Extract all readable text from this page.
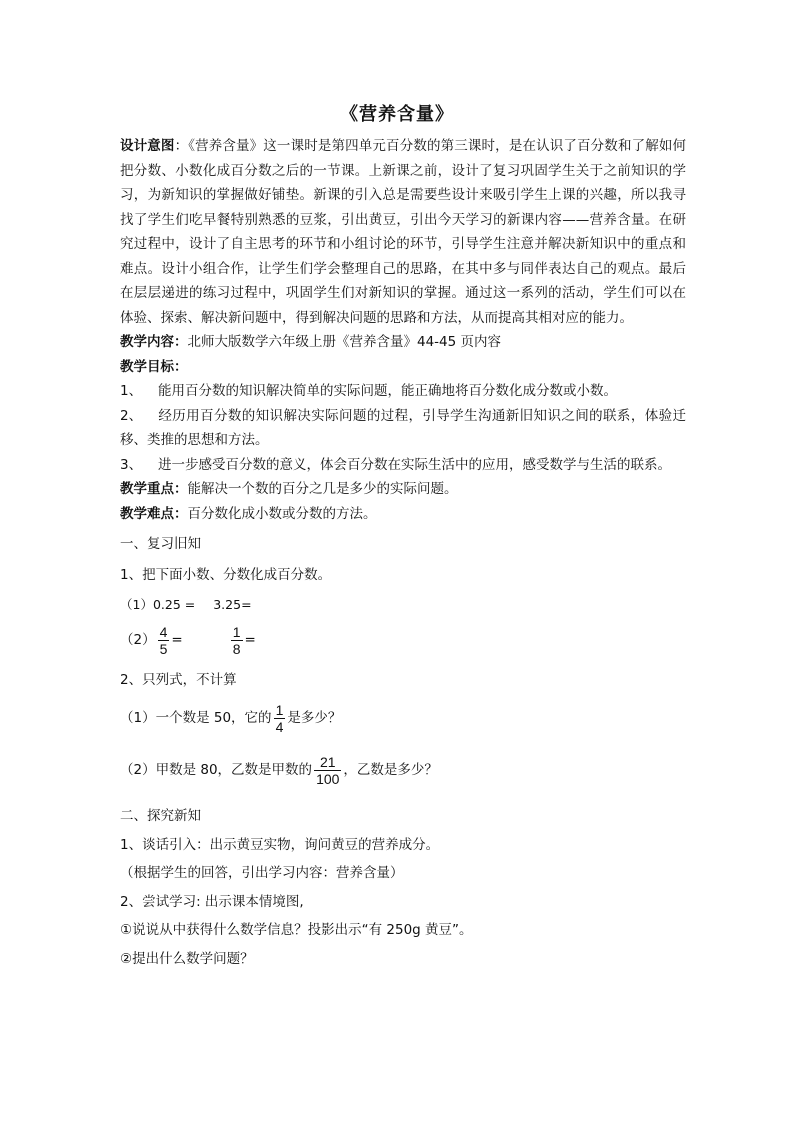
《营养含量》

设计意图：《营养含量》这一课时是第四单元百分数的第三课时，是在认识了百分数和了解如何把分数、小数化成百分数之后的一节课。上新课之前，设计了复习巩固学生关于之前知识的学习，为新知识的掌握做好铺垫。新课的引入总是需要些设计来吸引学生上课的兴趣，所以我寻找了学生们吃早餐特别熟悉的豆浆，引出黄豆，引出今天学习的新课内容——营养含量。在研究过程中，设计了自主思考的环节和小组讨论的环节，引导学生注意并解决新知识中的重点和难点。设计小组合作，让学生们学会整理自己的思路，在其中多与同伴表达自己的观点。最后在层层递进的练习过程中，巩固学生们对新知识的掌握。通过这一系列的活动，学生们可以在体验、探索、解决新问题中，得到解决问题的思路和方法，从而提高其相对应的能力。

教学内容：北师大版数学六年级上册《营养含量》44-45 页内容
教学目标：

1、 能用百分数的知识解决简单的实际问题，能正确地将百分数化成分数或小数。

2、 经历用百分数的知识解决实际问题的过程，引导学生沟通新旧知识之间的联系，体验迁移、类推的思想和方法。

3、 进一步感受百分数的意义，体会百分数在实际生活中的应用，感受数学与生活的联系。

教学重点：能解决一个数的百分之几是多少的实际问题。
教学难点：百分数化成小数或分数的方法。
一、复习旧知
1、把下面小数、分数化成百分数。
（1）0.25 = 3.25=
$(2) \frac{4}{5}$ =	$\frac{1}{8}$ =
2、只列式，不计算
（1）一个数是 50，它的 $\frac{1}{4}$ 是多少？
（2）甲数是 80，乙数是甲数的 $\frac{21}{100}$ ，乙数是多少？
二、探究新知
1、谈话引入：出示黄豆实物，询问黄豆的营养成分。
（根据学生的回答，引出学习内容：营养含量）
2、尝试学习: 出示课本情境图,
①说说从中获得什么数学信息？投影出示“有 250g 黄豆”。
②提出什么数学问题？
